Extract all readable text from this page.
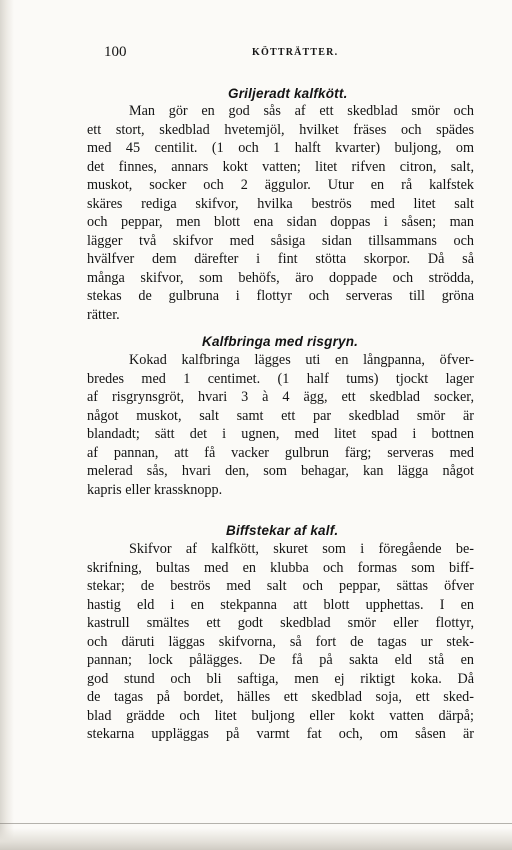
100	KÖTTRÄTTER.
Griljeradt kalfkött.
Man gör en god sås af ett skedblad smör och
ett stort, skedblad hvetemjöl, hvilket fräses och spädes
med 45 centilit. (1 och 1 halft kvarter) buljong, om
det finnes, annars kokt vatten; litet rifven citron, salt,
muskot, socker och 2 äggulor. Utur en rå kalfstek
skäres rediga skifvor, hvilka beströs med litet salt
och peppar, men blott ena sidan doppas i såsen; man
lägger två skifvor med såsiga sidan tillsammans och
hvälfver dem därefter i fint stötta skorpor. Då så
många skifvor, som behöfs, äro doppade och strödda,
stekas de gulbruna i flottyr och serveras till gröna
rätter.
Kalfbringa med risgryn.
Kokad kalfbringa lägges uti en långpanna, öfver-
bredes med 1 centimet. (1 half tums) tjockt lager
af risgrynsgröt, hvari 3 à 4 ägg, ett skedblad socker,
något muskot, salt samt ett par skedblad smör är
blandadt; sätt det i ugnen, med litet spad i bottnen
af pannan, att få vacker gulbrun färg; serveras med
melerad sås, hvari den, som behagar, kan lägga något
kapris eller krassknopp.
Biffstekar af kalf.
Skifvor af kalfkött, skuret som i föregående be-
skrifning, bultas med en klubba och formas som biff-
stekar; de beströs med salt och peppar, sättas öfver
hastig eld i en stekpanna att blott upphettas. I en
kastrull smältes ett godt skedblad smör eller flottyr,
och däruti läggas skifvorna, så fort de tagas ur stek-
pannan; lock pålägges. De få på sakta eld stå en
god stund och bli saftiga, men ej riktigt koka. Då
de tagas på bordet, hälles ett skedblad soja, ett sked-
blad grädde och litet buljong eller kokt vatten därpå;
stekarna uppläggas på varmt fat och, om såsen är
